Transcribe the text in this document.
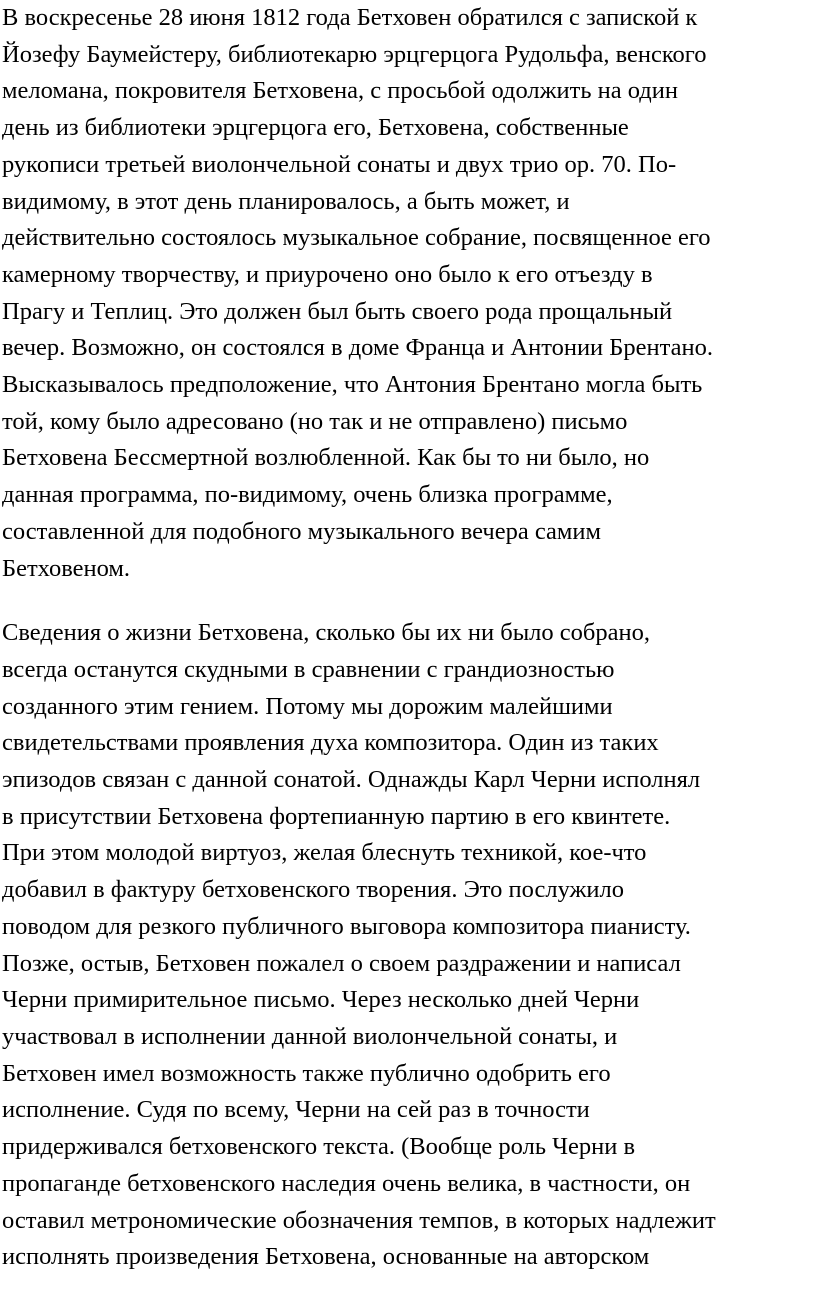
В воскресенье 28 июня 1812 года Бетховен обратился с запиской к
Йозефу Баумейстеру, библиотекарю эрцгерцога Рудольфа, венского
меломана, покровителя Бетховена, с просьбой одолжить на один
день из библиотеки эрцгерцога его, Бетховена, собственные
рукописи третьей виолончельной сонаты и двух трио ор. 70. По-
видимому, в этот день планировалось, а быть может, и
действительно состоялось музыкальное собрание, посвященное его
камерному творчеству, и приурочено оно было к его отъезду в
Прагу и Теплиц. Это должен был быть своего рода прощальный
вечер. Возможно, он состоялся в доме Франца и Антонии Брентано.
Высказывалось предположение, что Антония Брентано могла быть
той, кому было адресовано (но так и не отправлено) письмо
Бетховена Бессмертной возлюбленной. Как бы то ни было, но
данная программа, по-видимому, очень близка программе,
составленной для подобного музыкального вечера самим
Бетховеном.
Сведения о жизни Бетховена, сколько бы их ни было собрано,
всегда останутся скудными в сравнении с грандиозностью
созданного этим гением. Потому мы дорожим малейшими
свидетельствами проявления духа композитора. Один из таких
эпизодов связан с данной сонатой. Однажды Карл Черни исполнял
в присутствии Бетховена фортепианную партию в его квинтете.
При этом молодой виртуоз, желая блеснуть техникой, кое-что
добавил в фактуру бетховенского творения. Это послужило
поводом для резкого публичного выговора композитора пианисту.
Позже, остыв, Бетховен пожалел о своем раздражении и написал
Черни примирительное письмо. Через несколько дней Черни
участвовал в исполнении данной виолончельной сонаты, и
Бетховен имел возможность также публично одобрить его
исполнение. Судя по всему, Черни на сей раз в точности
придерживался бетховенского текста. (Вообще роль Черни в
пропаганде бетховенского наследия очень велика, в частности, он
оставил метрономические обозначения темпов, в которых надлежит
исполнять произведения Бетховена, основанные на авторском
